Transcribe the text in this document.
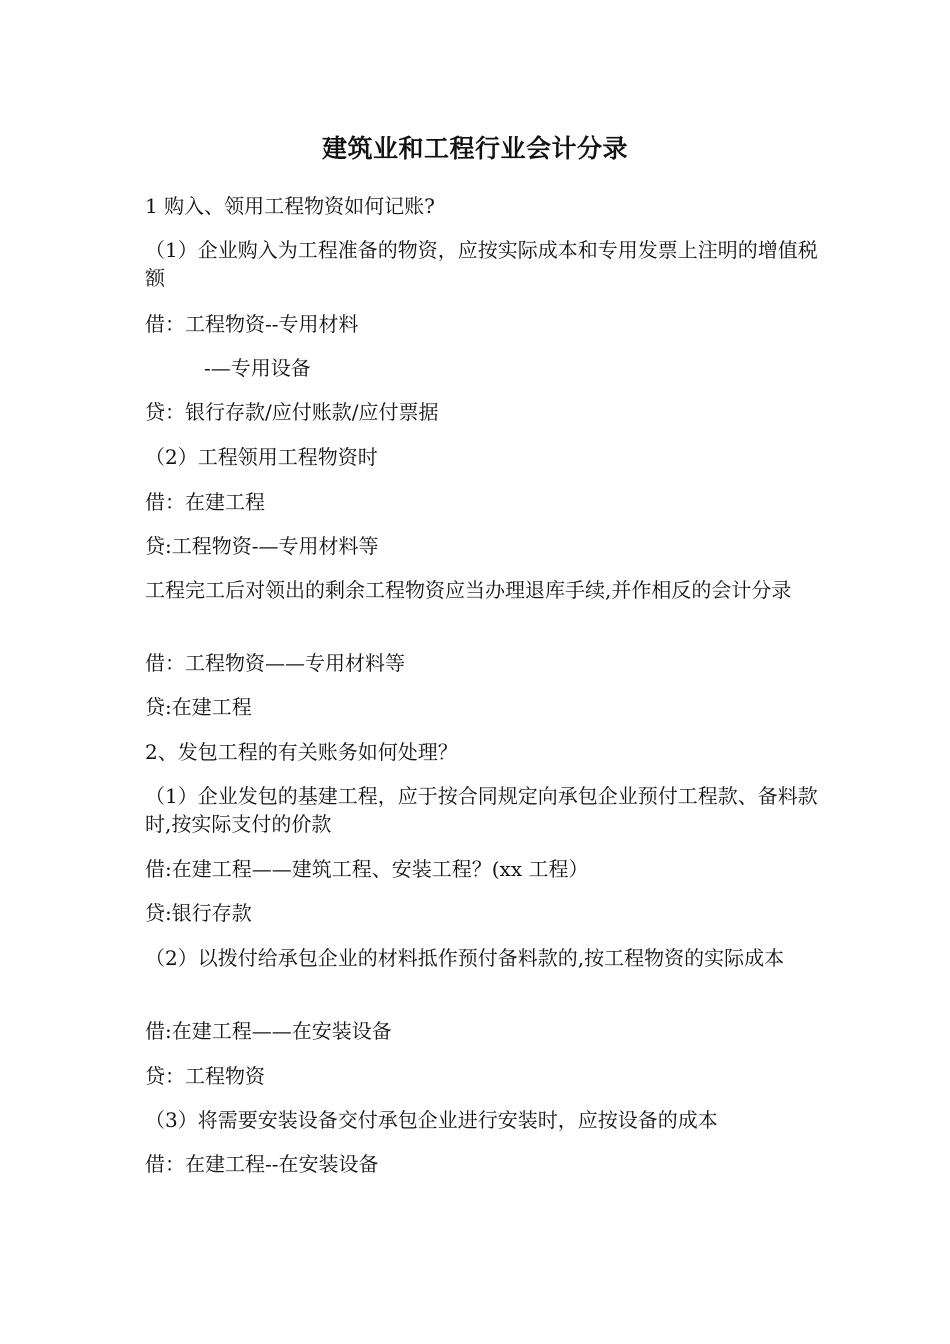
建筑业和工程行业会计分录
1 购入、领用工程物资如何记账?
（1）企业购入为工程准备的物资，应按实际成本和专用发票上注明的增值税额
借：工程物资--专用材料
-—专用设备
贷：银行存款/应付账款/应付票据
（2）工程领用工程物资时
借：在建工程
贷:工程物资-—专用材料等
工程完工后对领出的剩余工程物资应当办理退库手续,并作相反的会计分录
借：工程物资——专用材料等
贷:在建工程
2、发包工程的有关账务如何处理？
（1）企业发包的基建工程，应于按合同规定向承包企业预付工程款、备料款时,按实际支付的价款
借:在建工程——建筑工程、安装工程？(xx 工程）
贷:银行存款
（2）以拨付给承包企业的材料抵作预付备料款的,按工程物资的实际成本
借:在建工程——在安装设备
贷：工程物资
（3）将需要安装设备交付承包企业进行安装时，应按设备的成本
借：在建工程--在安装设备
